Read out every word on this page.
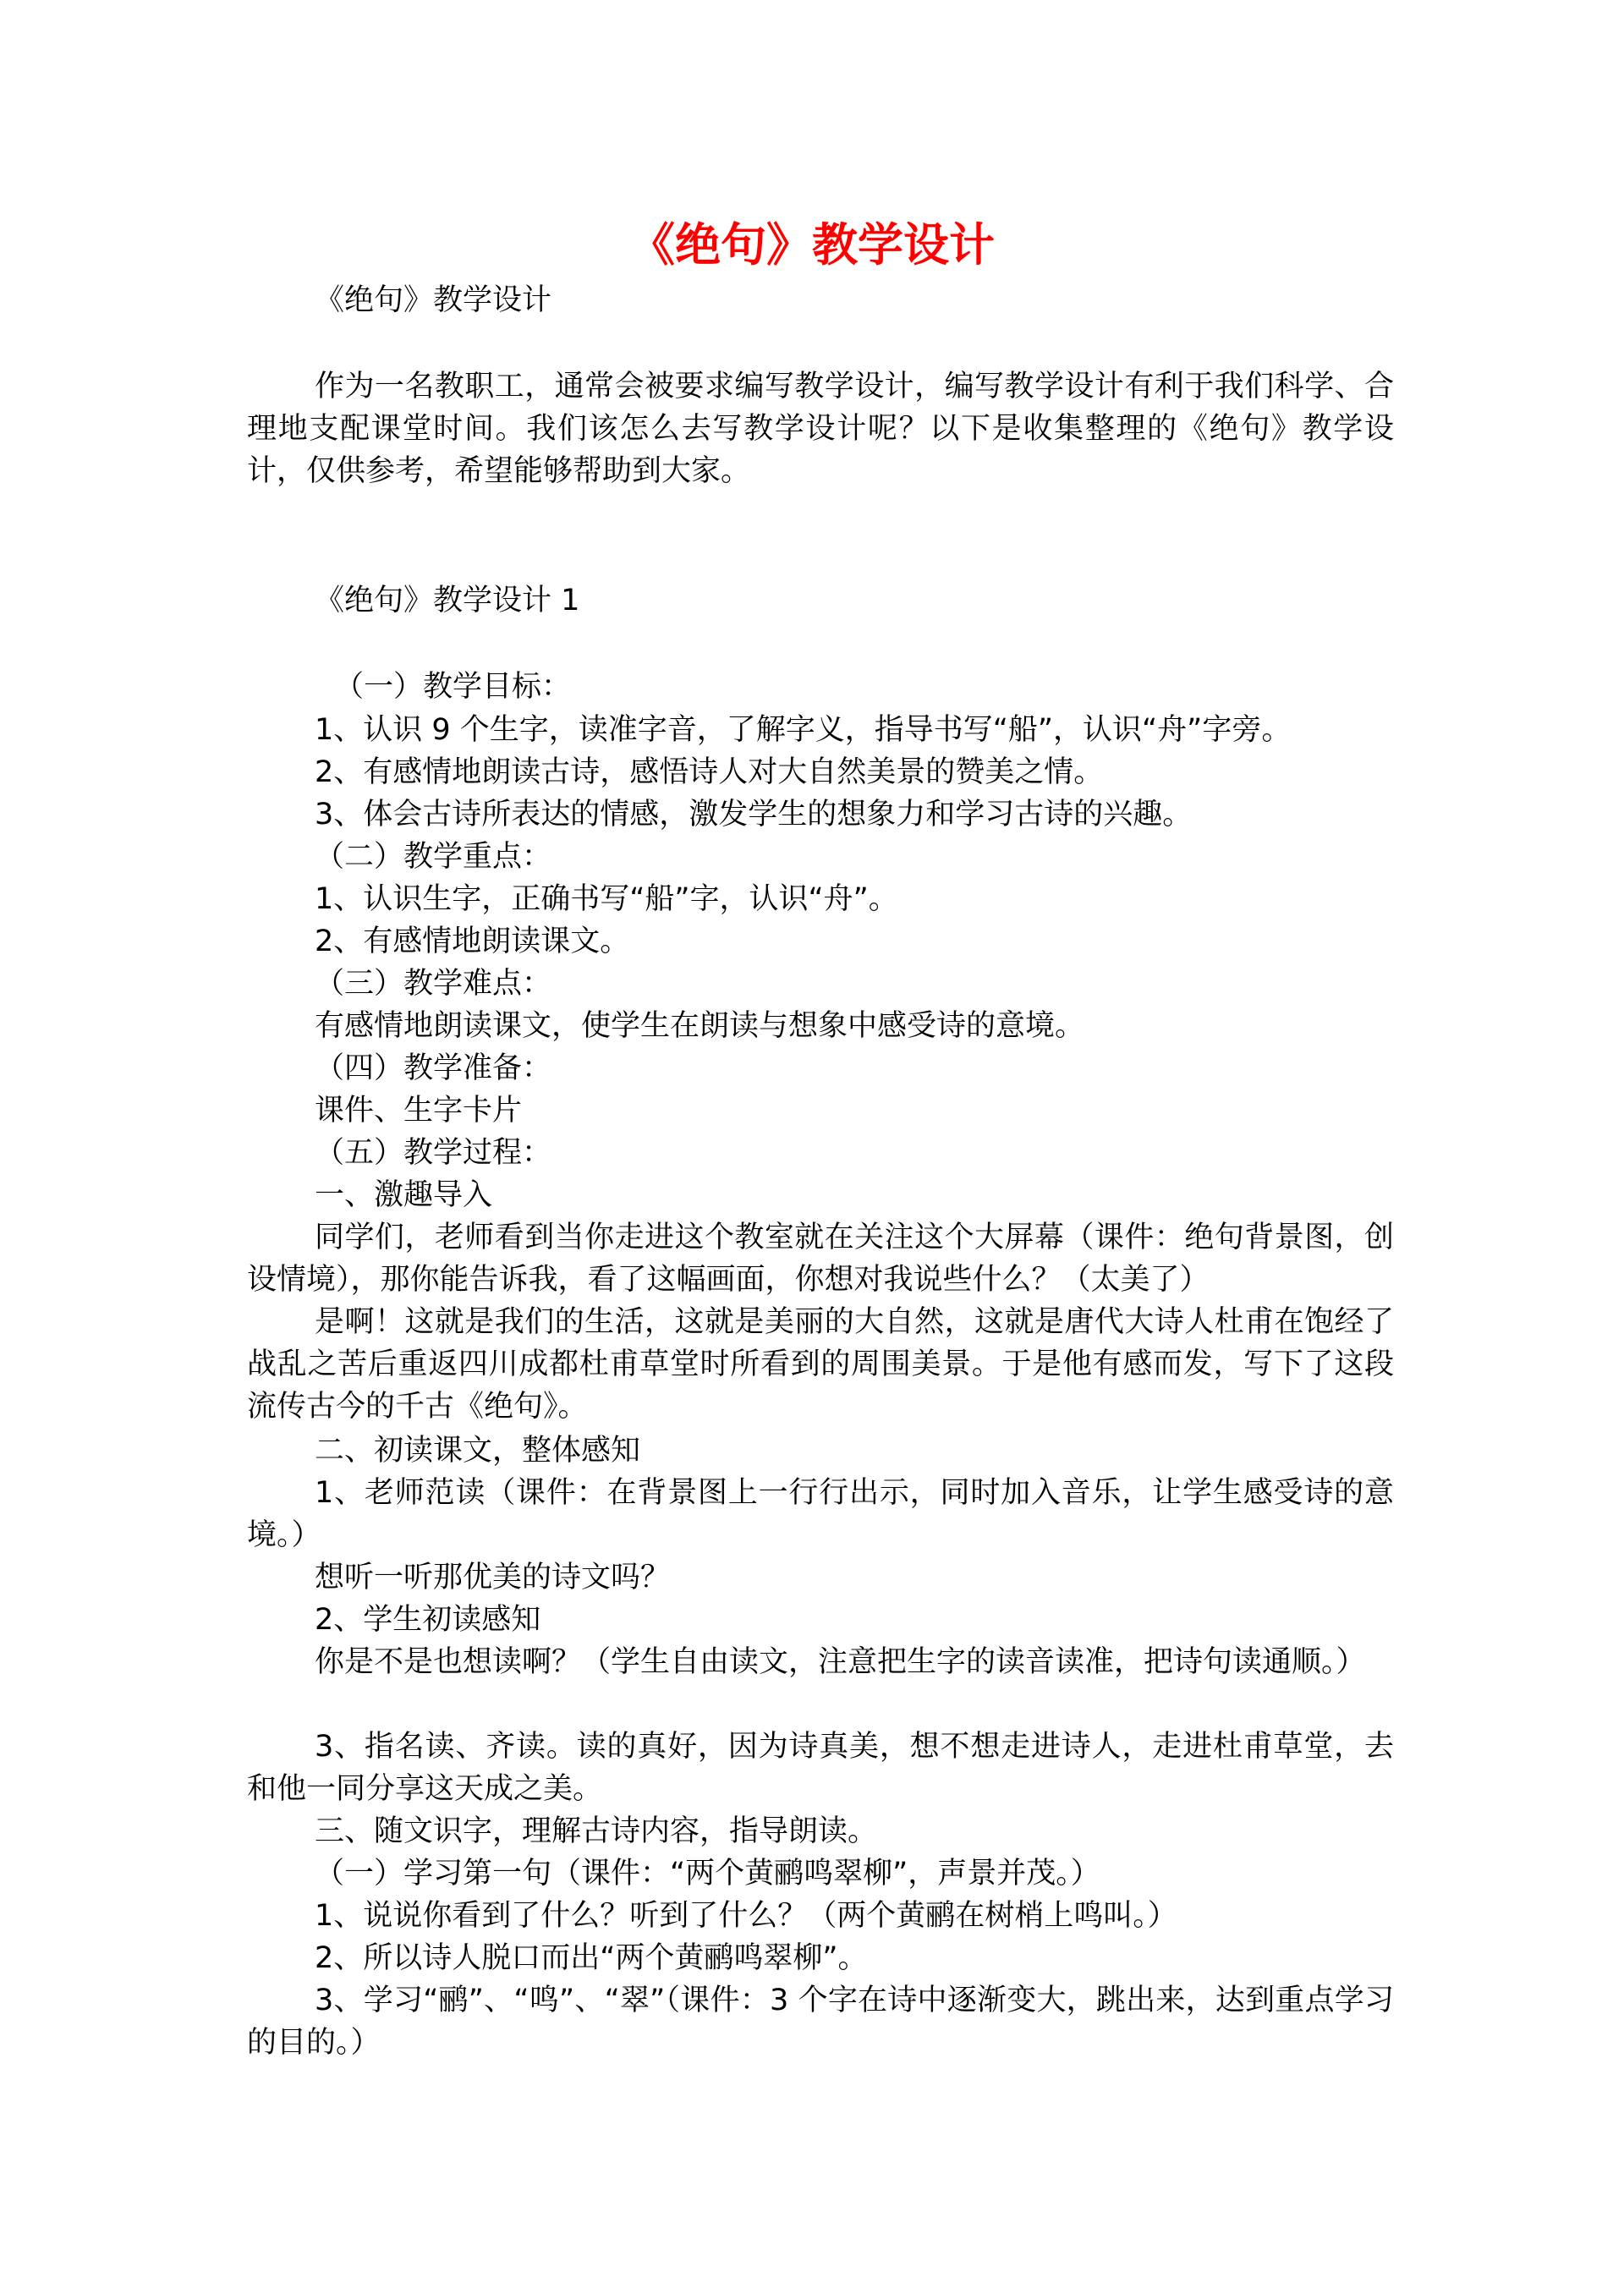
《绝句》教学设计
《绝句》教学设计
作为一名教职工，通常会被要求编写教学设计，编写教学设计有利于我们科学、合理地支配课堂时间。我们该怎么去写教学设计呢？以下是收集整理的《绝句》教学设计，仅供参考，希望能够帮助到大家。
《绝句》教学设计 1
（一）教学目标：
1、认识 9 个生字，读准字音，了解字义，指导书写“船”，认识“舟”字旁。
2、有感情地朗读古诗，感悟诗人对大自然美景的赞美之情。
3、体会古诗所表达的情感，激发学生的想象力和学习古诗的兴趣。
（二）教学重点：
1、认识生字，正确书写“船”字，认识“舟”。
2、有感情地朗读课文。
（三）教学难点：
有感情地朗读课文，使学生在朗读与想象中感受诗的意境。
（四）教学准备：
课件、生字卡片
（五）教学过程：
一、激趣导入
同学们，老师看到当你走进这个教室就在关注这个大屏幕（课件：绝句背景图，创设情境），那你能告诉我，看了这幅画面，你想对我说些什么？（太美了）
是啊！这就是我们的生活，这就是美丽的大自然，这就是唐代大诗人杜甫在饱经了战乱之苦后重返四川成都杜甫草堂时所看到的周围美景。于是他有感而发，写下了这段流传古今的千古《绝句》。
二、初读课文，整体感知
1、老师范读（课件：在背景图上一行行出示，同时加入音乐，让学生感受诗的意境。）
想听一听那优美的诗文吗？
2、学生初读感知
你是不是也想读啊？（学生自由读文，注意把生字的读音读准，把诗句读通顺。）
3、指名读、齐读。读的真好，因为诗真美，想不想走进诗人，走进杜甫草堂，去和他一同分享这天成之美。
三、随文识字，理解古诗内容，指导朗读。
（一）学习第一句（课件：“两个黄鹂鸣翠柳”，声景并茂。）
1、说说你看到了什么？听到了什么？（两个黄鹂在树梢上鸣叫。）
2、所以诗人脱口而出“两个黄鹂鸣翠柳”。
3、学习“鹂”、“鸣”、“翠”（课件：3 个字在诗中逐渐变大，跳出来，达到重点学习的目的。）
